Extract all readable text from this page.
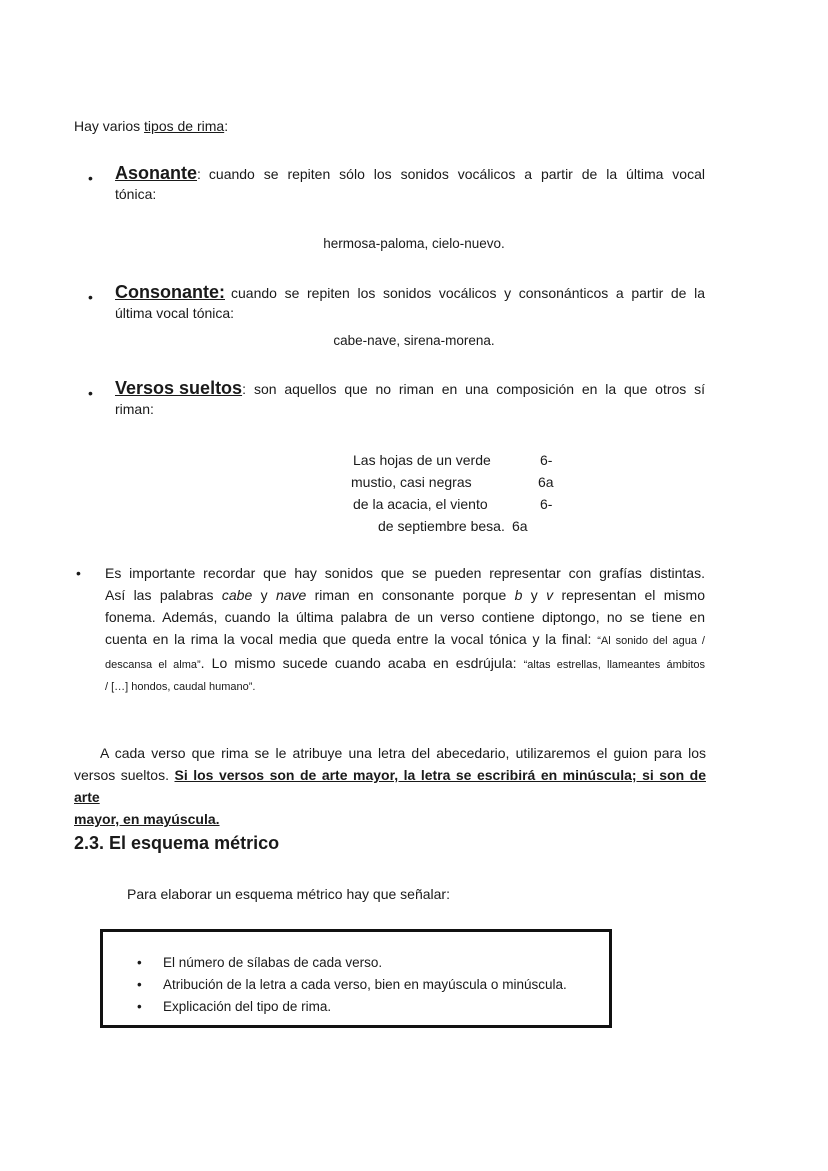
Hay varios tipos de rima:
• Asonante: cuando se repiten sólo los sonidos vocálicos a partir de la última vocal
tónica:
hermosa-paloma, cielo-nuevo.
• Consonante: cuando se repiten los sonidos vocálicos y consonánticos a partir de la
última vocal tónica:
cabe-nave, sirena-morena.
• Versos sueltos: son aquellos que no riman en una composición en la que otros sí
riman:
Las hojas de un verde	6-
mustio, casi negras	6a
de la acacia, el viento	6-
de septiembre besa. 6a
• Es importante recordar que hay sonidos que se pueden representar con grafías distintas.
Así las palabras cabe y nave riman en consonante porque b y v representan el mismo
fonema. Además, cuando la última palabra de un verso contiene diptongo, no se tiene en
cuenta en la rima la vocal media que queda entre la vocal tónica y la final: “Al sonido del agua /
descansa el alma”. Lo mismo sucede cuando acaba en esdrújula: “altas estrellas, llameantes ámbitos
/ […] hondos, caudal humano”.
A cada verso que rima se le atribuye una letra del abecedario, utilizaremos el guion para los
versos sueltos. Si los versos son de arte mayor, la letra se escribirá en minúscula; si son de arte
mayor, en mayúscula.
2.3. El esquema métrico
Para elaborar un esquema métrico hay que señalar:
• El número de sílabas de cada verso.
• Atribución de la letra a cada verso, bien en mayúscula o minúscula.
• Explicación del tipo de rima.
